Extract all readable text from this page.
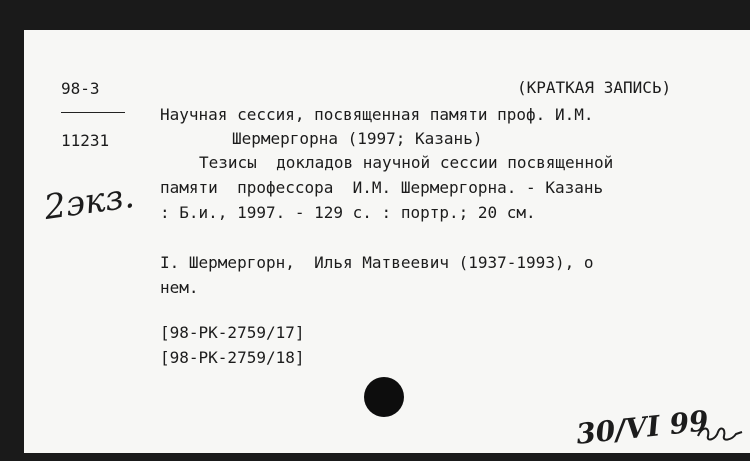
98-3
11231
2экз.
(КРАТКАЯ ЗАПИСЬ)
Научная сессия, посвященная памяти проф. И.М.
Шермергорна (1997; Казань)
Тезисы  докладов научной сессии посвященной
памяти  профессора  И.М. Шермергорна. - Казань
: Б.и., 1997. - 129 с. : портр.; 20 см.
I. Шермергорн,  Илья Матвеевич (1937-1993), о
нем.
[98-РК-2759/17]
[98-РК-2759/18]
30/VI 99
